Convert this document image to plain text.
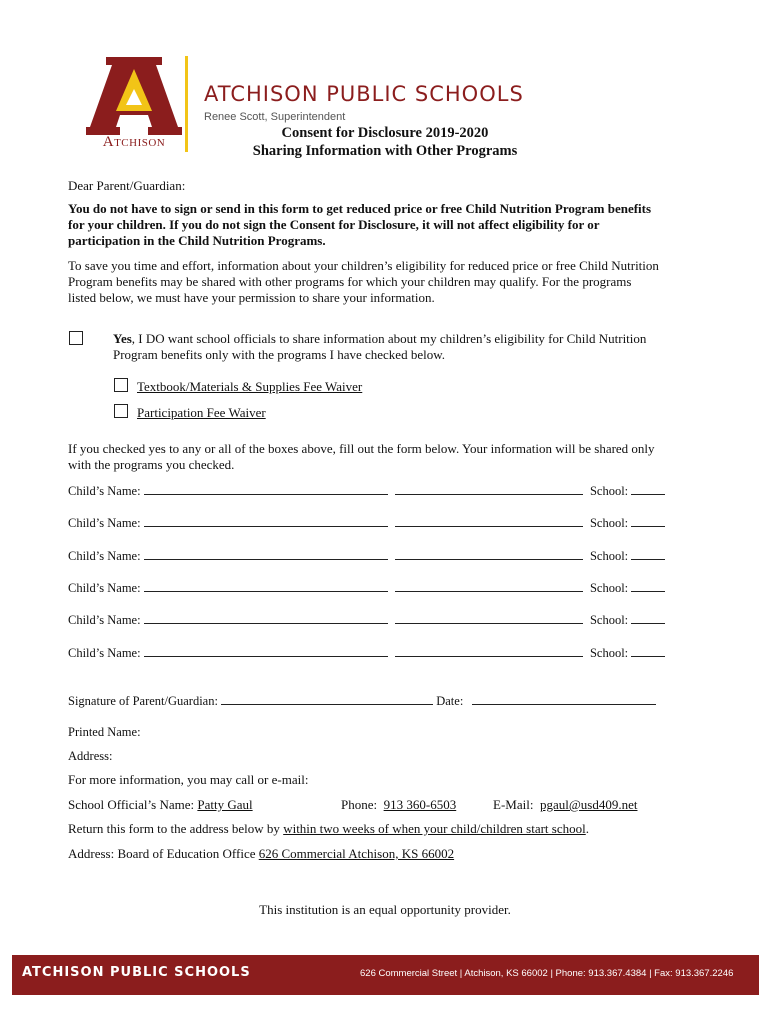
Atchison
ATCHISON PUBLIC SCHOOLS
Renee Scott, Superintendent
Consent for Disclosure 2019-2020
Sharing Information with Other Programs
Dear Parent/Guardian:
You do not have to sign or send in this form to get reduced price or free Child Nutrition Program benefits
for your children. If you do not sign the Consent for Disclosure, it will not affect eligibility for or
participation in the Child Nutrition Programs.
To save you time and effort, information about your children’s eligibility for reduced price or free Child Nutrition
Program benefits may be shared with other programs for which your children may qualify. For the programs
listed below, we must have your permission to share your information.
Yes, I DO want school officials to share information about my children’s eligibility for Child Nutrition
Program benefits only with the programs I have checked below.
Textbook/Materials & Supplies Fee Waiver
Participation Fee Waiver
If you checked yes to any or all of the boxes above, fill out the form below. Your information will be shared only
with the programs you checked.
Child’s Name:	School:
Child’s Name:	School:
Child’s Name:	School:
Child’s Name:	School:
Child’s Name:	School:
Child’s Name:	School:
Signature of Parent/Guardian:	Date:
Printed Name:
Address:
For more information, you may call or e-mail:
School Official’s Name: Patty Gaul	Phone: 913 360-6503	E-Mail: pgaul@usd409.net
Return this form to the address below by within two weeks of when your child/children start school.
Address: Board of Education Office 626 Commercial Atchison, KS 66002
This institution is an equal opportunity provider.
ATCHISON PUBLIC SCHOOLS	626 Commercial Street | Atchison, KS 66002 | Phone: 913.367.4384 | Fax: 913.367.2246
